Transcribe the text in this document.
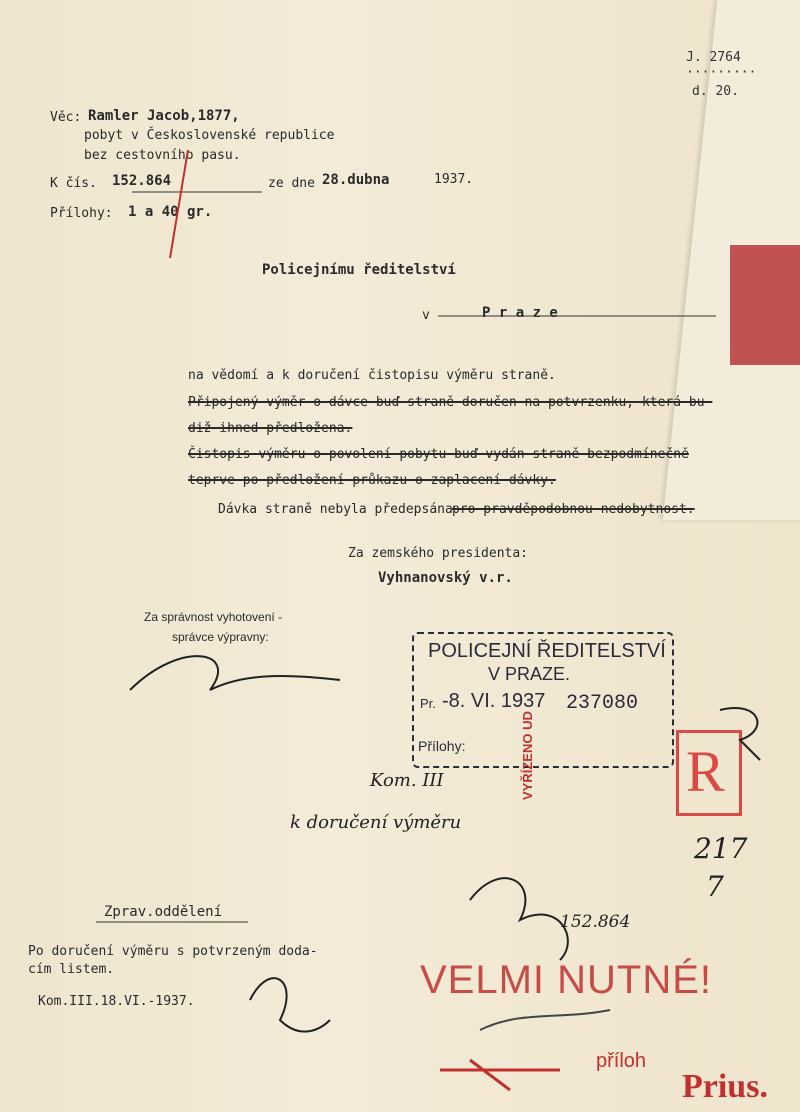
J. 2764 ·········
d. 20.
Věc: Ramler Jacob,1877,
pobyt v Československé republice
bez cestovního pasu.
K čís. 152.864	ze dne 28.dubna	1937.
Přílohy: 1 a 40 gr.
Policejnímu ředitelství
v	P r a z e
na vědomí a k doručení čistopisu výměru straně.
Připojený výměr o dávce buď straně doručen na potvrzenku, která bu-
diž ihned předložena.
Čistopis výměru o povolení pobytu buď vydán straně bezpodmínečně
teprve po předložení průkazu o zaplacení dávky.
Dávka straně nebyla předepsána pro pravděpodobnou nedobytnost.
Za zemského presidenta:
Vyhnanovský v.r.
Za správnost vyhotovení -
správce výpravny:
POLICEJNÍ ŘEDITELSTVÍ
V PRAZE.
Pr. -8. VI. 1937 237080
Přílohy:	VYŘÍZENO UD
Kom. III
k doručení výměru
152.864
217
7
R
Zprav.oddělení
Po doručení výměru s potvrzeným doda-
cím listem.
Kom.III.18.VI.-1937.	VELMI NUTNÉ!
příloh
Prius.
